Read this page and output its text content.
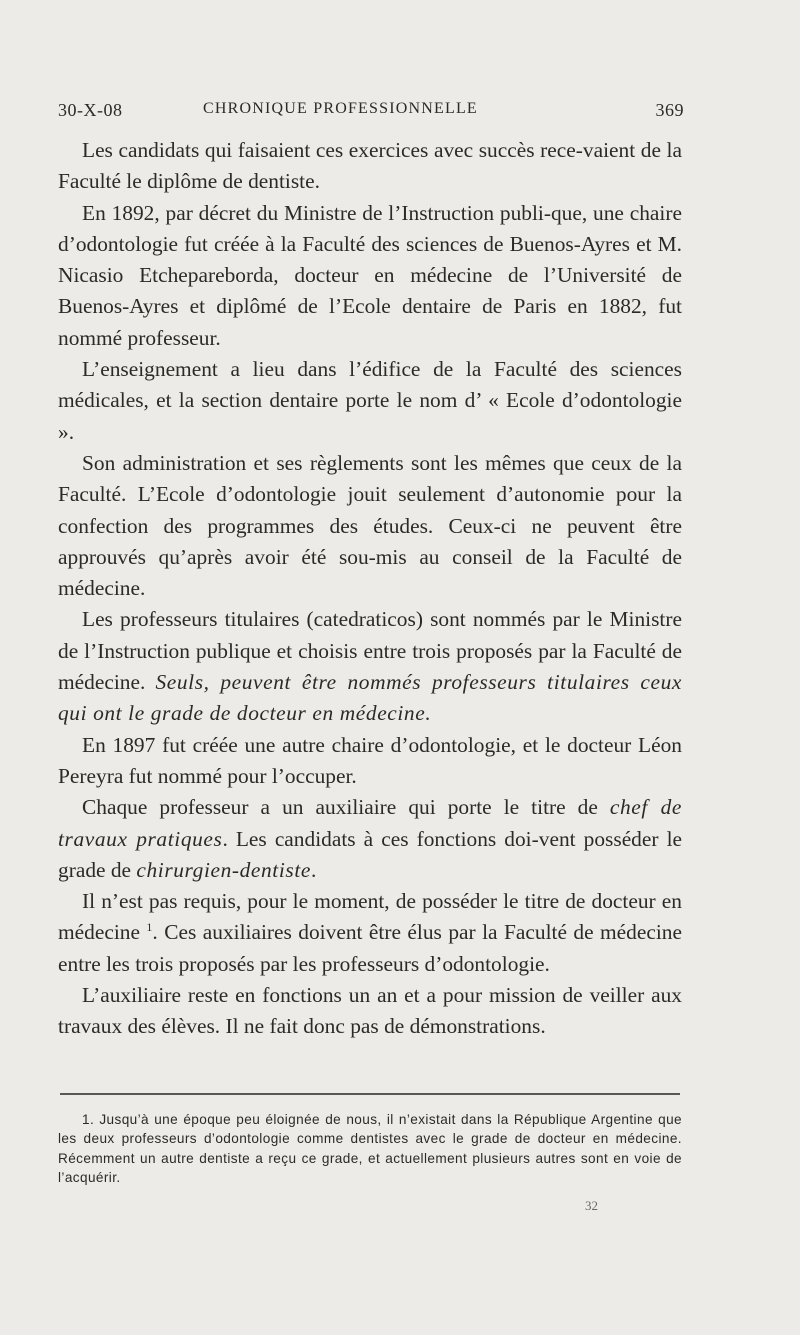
30-X-08	CHRONIQUE PROFESSIONNELLE	369

Les candidats qui faisaient ces exercices avec succès rece-vaient de la Faculté le diplôme de dentiste.

En 1892, par décret du Ministre de l’Instruction publi-que, une chaire d’odontologie fut créée à la Faculté des sciences de Buenos-Ayres et M. Nicasio Etchepareborda, docteur en médecine de l’Université de Buenos-Ayres et diplômé de l’Ecole dentaire de Paris en 1882, fut nommé professeur.

L’enseignement a lieu dans l’édifice de la Faculté des sciences médicales, et la section dentaire porte le nom d’ « Ecole d’odontologie ».

Son administration et ses règlements sont les mêmes que ceux de la Faculté. L’Ecole d’odontologie jouit seulement d’autonomie pour la confection des programmes des études. Ceux-ci ne peuvent être approuvés qu’après avoir été sou-mis au conseil de la Faculté de médecine.

Les professeurs titulaires (catedraticos) sont nommés par le Ministre de l’Instruction publique et choisis entre trois proposés par la Faculté de médecine. Seuls, peuvent être nommés professeurs titulaires ceux qui ont le grade de docteur en médecine.

En 1897 fut créée une autre chaire d’odontologie, et le docteur Léon Pereyra fut nommé pour l’occuper.

Chaque professeur a un auxiliaire qui porte le titre de chef de travaux pratiques. Les candidats à ces fonctions doi-vent posséder le grade de chirurgien-dentiste.

Il n’est pas requis, pour le moment, de posséder le titre de docteur en médecine $^1$. Ces auxiliaires doivent être élus par la Faculté de médecine entre les trois proposés par les professeurs d’odontologie.

L’auxiliaire reste en fonctions un an et a pour mission de veiller aux travaux des élèves. Il ne fait donc pas de démonstrations.

1. Jusqu’à une époque peu éloignée de nous, il n’existait dans la République Argentine que les deux professeurs d’odontologie comme dentistes avec le grade de docteur en médecine. Récemment un autre dentiste a reçu ce grade, et actuellement plusieurs autres sont en voie de l’acquérir.

32
